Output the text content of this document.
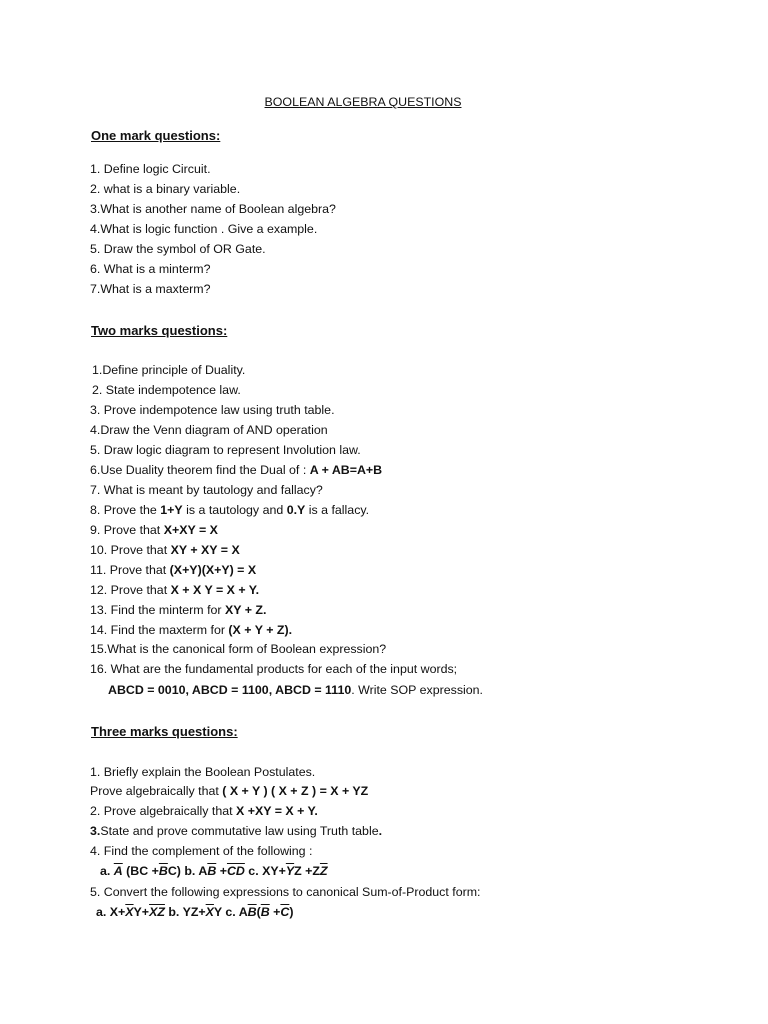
BOOLEAN ALGEBRA QUESTIONS
One mark questions:
1. Define logic Circuit.
2. what is a binary variable.
3.What is another name of Boolean algebra?
4.What is logic function . Give a example.
5. Draw the symbol of OR Gate.
6. What is a minterm?
7.What is a maxterm?
Two marks questions:
1.Define principle of Duality.
2. State indempotence law.
3. Prove indempotence law using truth table.
4.Draw the Venn diagram of AND operation
5. Draw logic diagram to represent Involution law.
6.Use Duality theorem find the Dual of : A + AB=A+B
7. What is meant by tautology and fallacy?
8. Prove the 1+Y is a tautology and 0.Y is a fallacy.
9. Prove that X+XY = X
10. Prove that XY + XY = X
11. Prove that (X+Y)(X+Y) = X
12. Prove that X + X Y = X + Y.
13. Find the minterm for XY + Z.
14. Find the maxterm for (X + Y + Z).
15.What is the canonical form of Boolean expression?
16. What are the fundamental products for each of the input words;
ABCD = 0010, ABCD = 1100, ABCD = 1110. Write SOP expression.
Three marks questions:
1. Briefly explain the Boolean Postulates.
Prove algebraically that ( X + Y ) ( X + Z ) = X + YZ
2. Prove algebraically that X +XY = X + Y.
3.State and prove commutative law using Truth table.
4. Find the complement of the following :
a. $\overline{A}$ $(BC +\overline{B}C)$ b. $A\overline{B} +\overline{CD}$ c. $XY+\overline{Y}Z +Z\overline{Z}$
5. Convert the following expressions to canonical Sum-of-Product form:
a. $X+\overline{X}Y+\overline{XZ}$ b. $YZ+\overline{X}Y$ c. $A\overline{B}(\overline{B} +\overline{C})$
